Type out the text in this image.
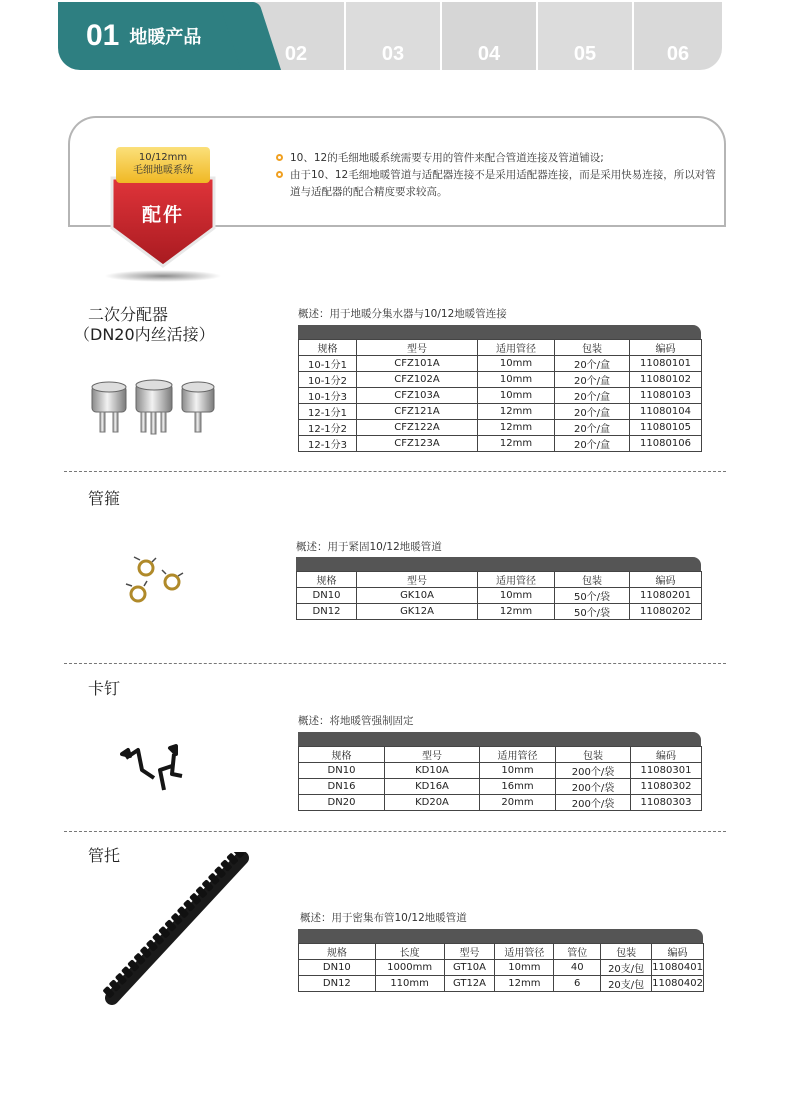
02	03	04	05	06
01 地暖产品
10/12mm
毛细地暖系统
配件
10、12的毛细地暖系统需要专用的管件来配合管道连接及管道铺设;
由于10、12毛细地暖管道与适配器连接不是采用适配器连接，而是采用快易连接，所以对管道与适配器的配合精度要求较高。
二次分配器
（DN20内丝活接）
概述：用于地暖分集水器与10/12地暖管连接
规格	型号	适用管径	包装	编码
10-1分1	CFZ101A	10mm	20个/盒	11080101
10-1分2	CFZ102A	10mm	20个/盒	11080102
10-1分3	CFZ103A	10mm	20个/盒	11080103
12-1分1	CFZ121A	12mm	20个/盒	11080104
12-1分2	CFZ122A	12mm	20个/盒	11080105
12-1分3	CFZ123A	12mm	20个/盒	11080106
管箍
概述：用于紧固10/12地暖管道
规格	型号	适用管径	包装	编码
DN10	GK10A	10mm	50个/袋	11080201
DN12	GK12A	12mm	50个/袋	11080202
卡钉
概述：将地暖管强制固定
规格	型号	适用管径	包装	编码
DN10	KD10A	10mm	200个/袋	11080301
DN16	KD16A	16mm	200个/袋	11080302
DN20	KD20A	20mm	200个/袋	11080303
管托
概述：用于密集布管10/12地暖管道
规格	长度	型号	适用管径	管位	包装	编码
DN10	1000mm	GT10A	10mm	40	20支/包	11080401
DN12	110mm	GT12A	12mm	6	20支/包	11080402
